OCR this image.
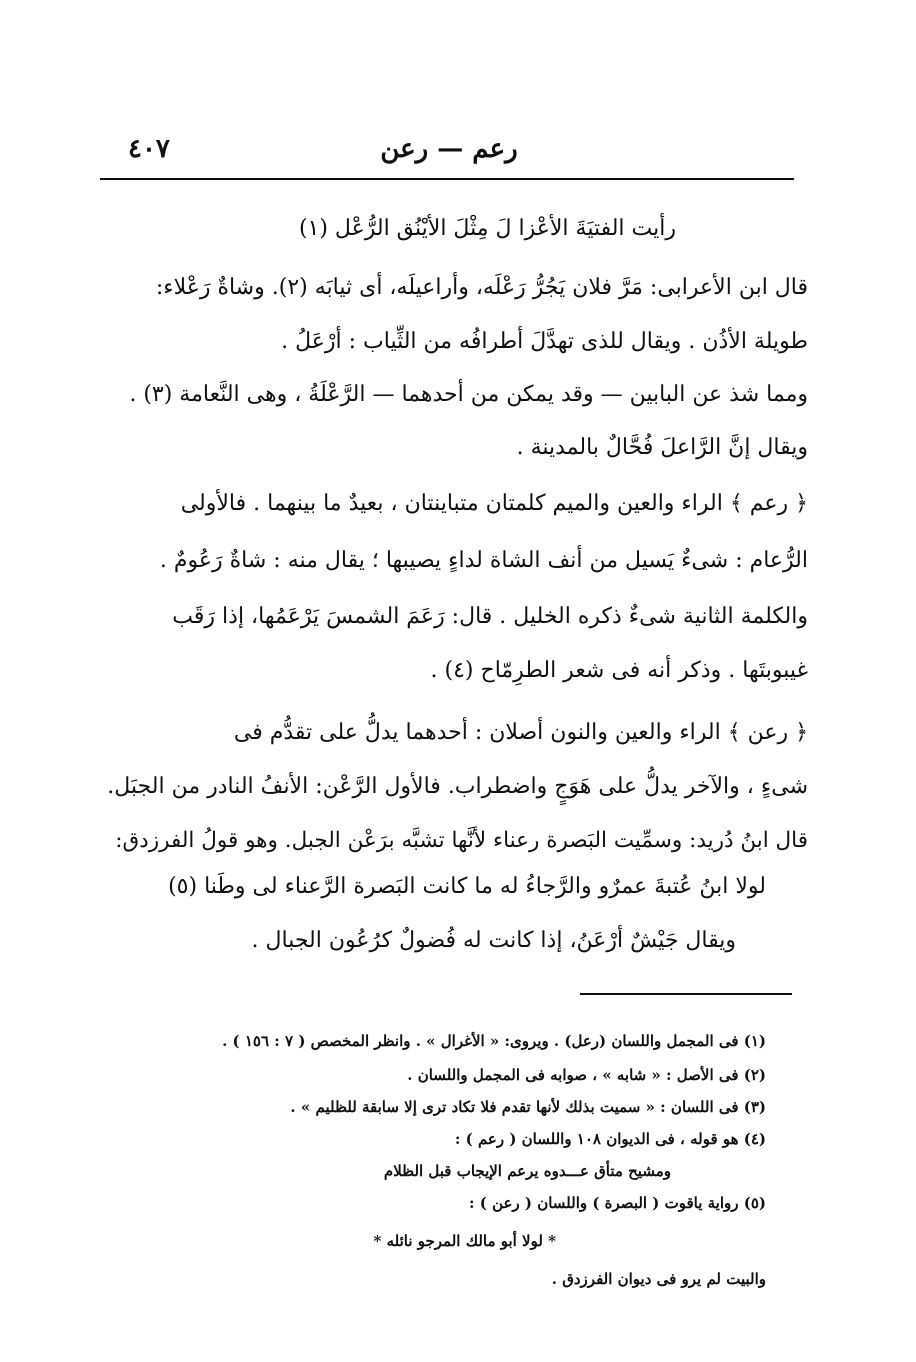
٤٠٧	رعم — رعن
رأيت الفتيَةَ الأعْزا لَ مِثْلَ الأيْنُق الرُّعْل (١)
قال ابن الأعرابى: مَرَّ فلان يَجُرُّ رَعْلَه، وأراعيلَه، أى ثيابَه (٢). وشاةٌ رَعْلاء:
طويلة الأذُن . ويقال للذى تهدَّلَ أطرافُه من الثِّياب : أرْعَلُ .
ومما شذ عن البابين — وقد يمكن من أحدهما — الرَّعْلَةُ ، وهى النَّعامة (٣) .
ويقال إنَّ الرَّاعلَ فُحَّالٌ بالمدينة .
﴿ رعم ﴾ الراء والعين والميم كلمتان متباينتان ، بعيدٌ ما بينهما . فالأولى
الرُّعام : شىءٌ يَسيل من أنف الشاة لداءٍ يصيبها ؛ يقال منه : شاةٌ رَعُومٌ .
والكلمة الثانية شىءٌ ذكره الخليل . قال: رَعَمَ الشمسَ يَرْعَمُها، إذا رَقَب
غيبوبتَها . وذكر أنه فى شعر الطرِمّاح (٤) .
﴿ رعن ﴾ الراء والعين والنون أصلان : أحدهما يدلُّ على تقدُّم فى
شىءٍ ، والآخر يدلُّ على هَوَجٍ واضطراب. فالأول الرَّعْن: الأنفُ النادر من الجبَل.
قال ابنُ دُريد: وسمِّيت البَصرة رعناء لأنَّها تشبَّه برَعْن الجبل. وهو قولُ الفرزدق:
لولا ابنُ عُتبةَ عمرٌو والرَّجاءُ له ما كانت البَصرة الرَّعناء لى وطَنا (٥)
ويقال جَيْشٌ أرْعَنُ، إذا كانت له فُضولٌ كرُعُون الجبال .
(١) فى المجمل واللسان (رعل) . ويروى: « الأغرال » . وانظر المخصص ( ٧ : ١٥٦ ) .
(٢) فى الأصل : « شابه » ، صوابه فى المجمل واللسان .
(٣) فى اللسان : « سميت بذلك لأنها تقدم فلا تكاد ترى إلا سابقة للظليم » .
(٤) هو قوله ، فى الديوان ١٠٨ واللسان ( رعم ) :
ومشيح متأق عـــدوه يرعم الإيجاب قبل الظلام
(٥) رواية ياقوت ( البصرة ) واللسان ( رعن ) :
* لولا أبو مالك المرجو نائله *
والبيت لم يرو فى ديوان الفرزدق .
